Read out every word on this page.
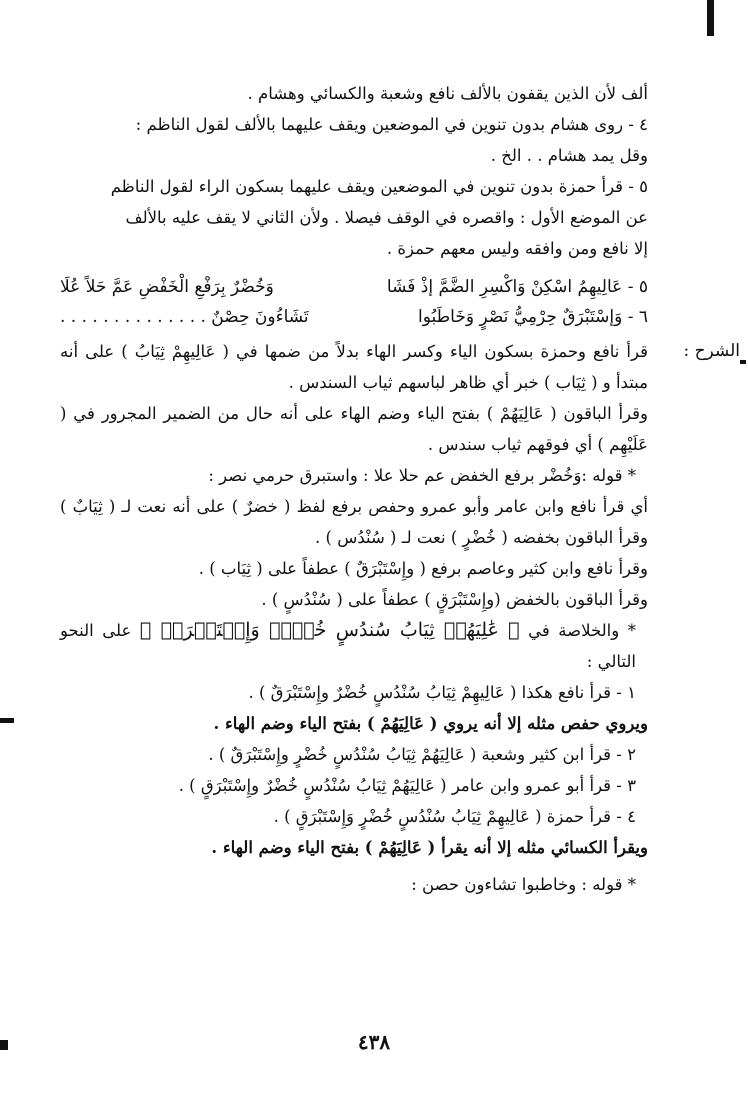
ألف لأن الذين يقفون بالألف نافع وشعبة والكسائي وهشام .

٤ - روى هشام بدون تنوين في الموضعين ويقف عليهما بالألف لقول الناظم :

وقل يمد هشام . . الخ .

٥ - قرأ حمزة بدون تنوين في الموضعين ويقف عليهما بسكون الراء لقول الناظم

عن الموضع الأول : واقصره في الوقف فيصلا . ولأن الثاني لا يقف عليه بالألف

إلا نافع ومن وافقه وليس معهم حمزة .

٥ - عَالِيهِمُ اسْكِنْ وَاكْسِرِ الضَّمَّ إذْ فَشَا
وَخُضْرٌ بِرَفْعِ الْخَفْضِ عَمَّ حَلاً عُلَا
٦ - وَإسْتَبْرَقٌ حِرْمِيُّ نَصْرٍ وَخَاطَبُوا
تَشَاءُونَ حِصْنٌ . . . . . . . . . . . . . .
الشرح :

قرأ نافع وحمزة بسكون الياء وكسر الهاء بدلاً من ضمها في ( عَالِيهِمْ ثِيَابُ ) على أنه مبتدأ و ( ثِيَاب ) خبر أي ظاهر لباسهم ثياب السندس .

وقرأ الباقون ( عَالِيَهُمْ ) بفتح الياء وضم الهاء على أنه حال من الضمير المجرور في ( عَلَيْهِم ) أي فوقهم ثياب سندس .

* قوله :وَخُضْر برفع الخفض عم حلا علا : واستبرق حرمي نصر :

أي قرأ نافع وابن عامر وأبو عمرو وحفص برفع لفظ ( خضرٌ ) على أنه نعت لـ ( ثِيَابٌ ) وقرأ الباقون بخفضه ( خُضْرٍ ) نعت لـ ( سُنْدُس ) .

وقرأ نافع وابن كثير وعاصم برفع ( وإِسْتَبْرَقٌ ) عطفاً على ( ثِيَاب ) .

وقرأ الباقون بالخفض (وإِسْتَبْرَقٍ ) عطفاً على ( سُنْدُسٍ ) .

* والخلاصة في ﴿ عَٰلِيَهُمۡ ثِيَابُ سُندُسٍ خُضۡرٞ وَإِسۡتَبۡرَقٞ ﴾ على النحو التالي :

١ - قرأ نافع هكذا ( عَالِيهِمْ ثِيَابُ سُنْدُسٍ خُضْرٌ وإِسْتَبْرَقٌ ) .

ويروي حفص مثله إلا أنه يروي ( عَالِيَهُمْ ) بفتح الياء وضم الهاء .

٢ - قرأ ابن كثير وشعبة ( عَالِيَهُمْ ثِيَابُ سُنْدُسٍ خُضْرٍ وإِسْتَبْرَقٌ ) .

٣ - قرأ أبو عمرو وابن عامر ( عَالِيَهُمْ ثِيَابُ سُنْدُسٍ خُضْرٌ وإِسْتَبْرَقٍ ) .

٤ - قرأ حمزة ( عَالِيهِمْ ثِيَابُ سُنْدُسٍ خُضْرٍ وَإِسْتَبْرَقٍ ) .

ويقرأ الكسائي مثله إلا أنه يقرأ ( عَالِيَهُمْ ) بفتح الياء وضم الهاء .

* قوله : وخاطبوا تشاءون حصن :

٤٣٨
